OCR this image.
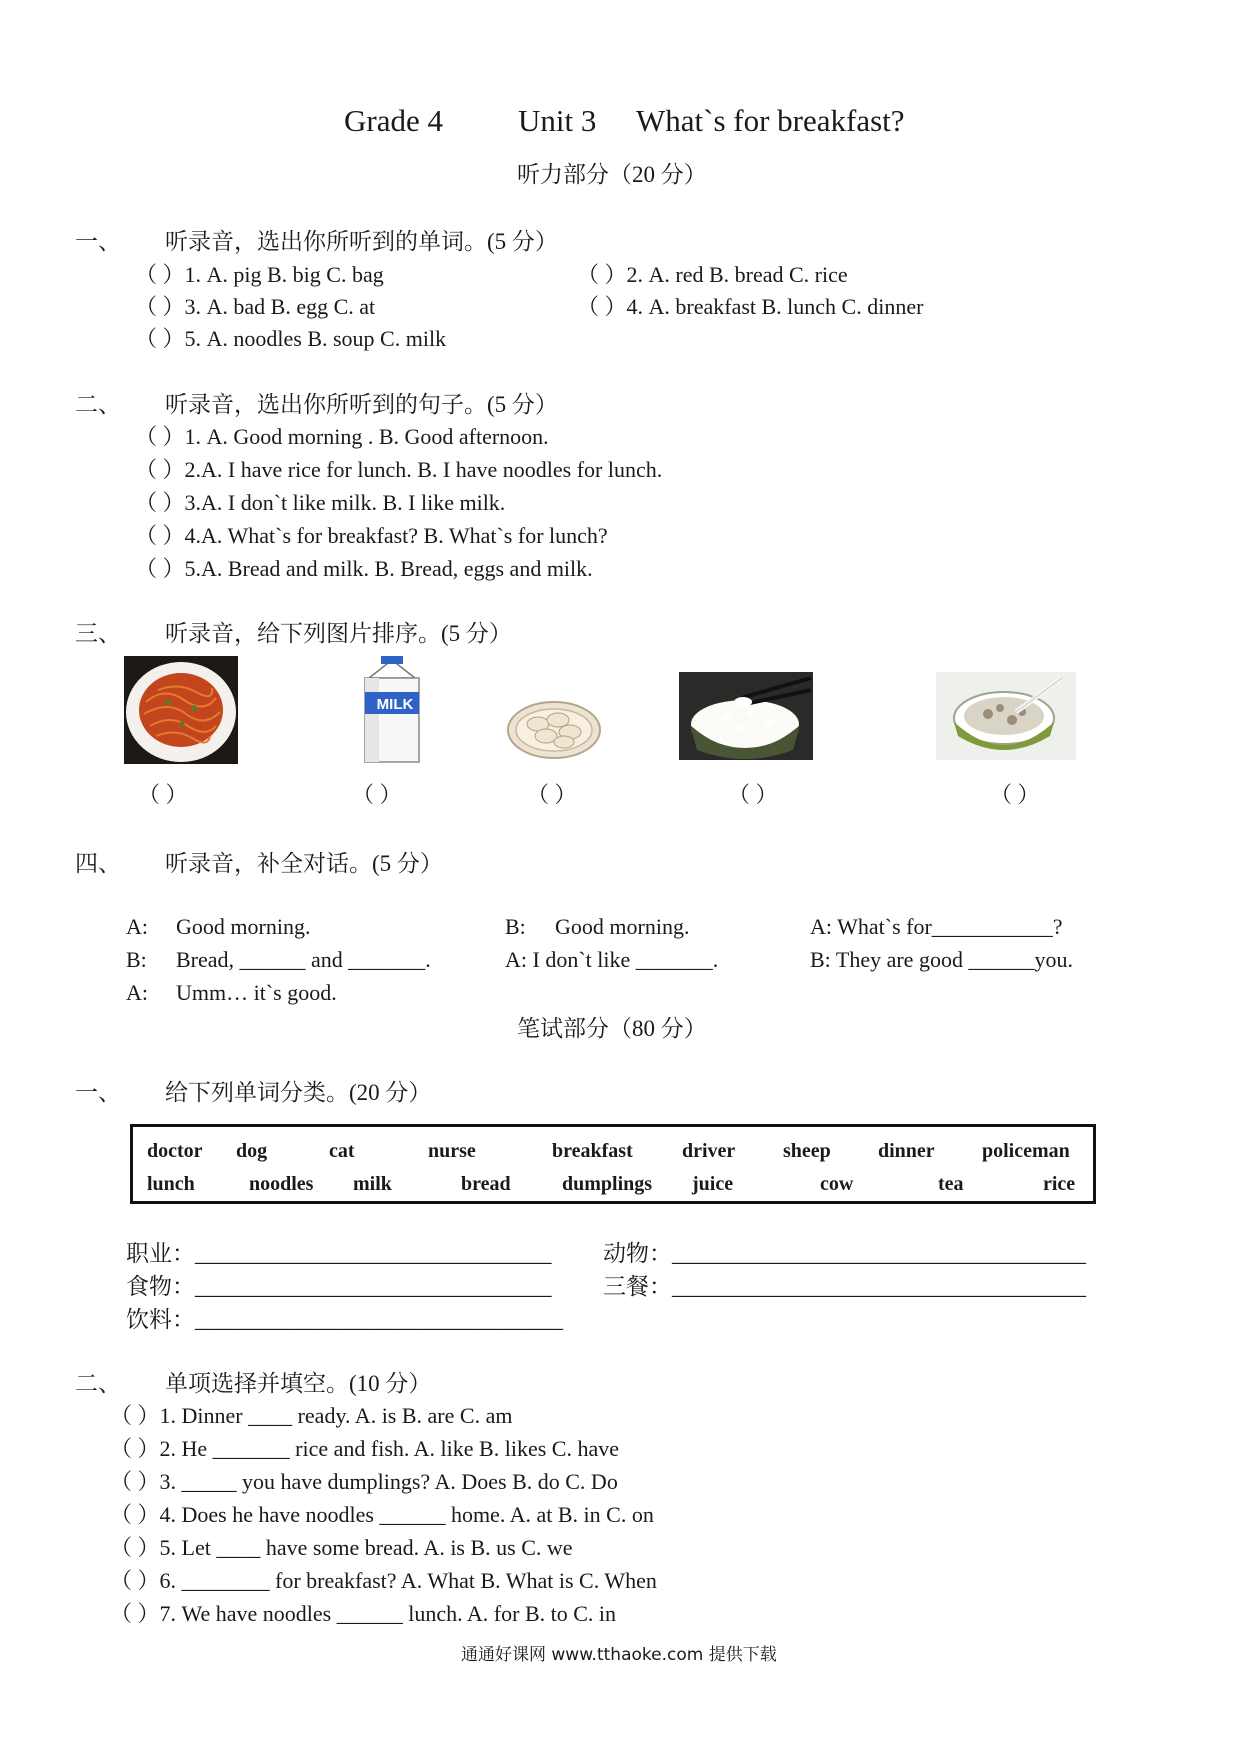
Grade 4 Unit 3 What`s for breakfast?
听力部分（20 分）
一、 听录音，选出你所听到的单词。(5 分）
（ ）1. A. pig B. big C. bag	（ ）2. A. red B. bread C. rice
（ ）3. A. bad B. egg C. at	（ ）4. A. breakfast B. lunch C. dinner
（ ）5. A. noodles B. soup C. milk
二、 听录音，选出你所听到的句子。(5 分）
（ ）1. A. Good morning . B. Good afternoon.
（ ）2.A. I have rice for lunch. B. I have noodles for lunch.
（ ）3.A. I don`t like milk. B. I like milk.
（ ）4.A. What`s for breakfast? B. What`s for lunch?
（ ）5.A. Bread and milk. B. Bread, eggs and milk.
三、 听录音，给下列图片排序。(5 分）
MILK
（ ）	（ ）	（ ）	（ ）	（ ）
四、 听录音，补全对话。(5 分）
A: Good morning.
B: Bread, ______ and _______.
A: Umm… it`s good.
B: Good morning.
A: I don`t like _______.
A: What`s for___________?
B: They are good ______you.
笔试部分（80 分）
一、 给下列单词分类。(20 分）
doctor dog	cat	nurse	breakfast driver sheep dinner policeman
lunch	noodles milk	bread	dumplings juice	cow	tea	rice
职业：_______________________________ 动物：____________________________________
食物：_______________________________ 三餐：____________________________________
饮料：________________________________
二、 单项选择并填空。(10 分）
（ ）1. Dinner ____ ready. A. is B. are C. am
（ ）2. He _______ rice and fish. A. like B. likes C. have
（ ）3. _____ you have dumplings? A. Does B. do C. Do
（ ）4. Does he have noodles ______ home. A. at B. in C. on
（ ）5. Let ____ have some bread. A. is B. us C. we
（ ）6. ________ for breakfast? A. What B. What is C. When
（ ）7. We have noodles ______ lunch. A. for B. to C. in
通通好课网 www.tthaoke.com 提供下载
